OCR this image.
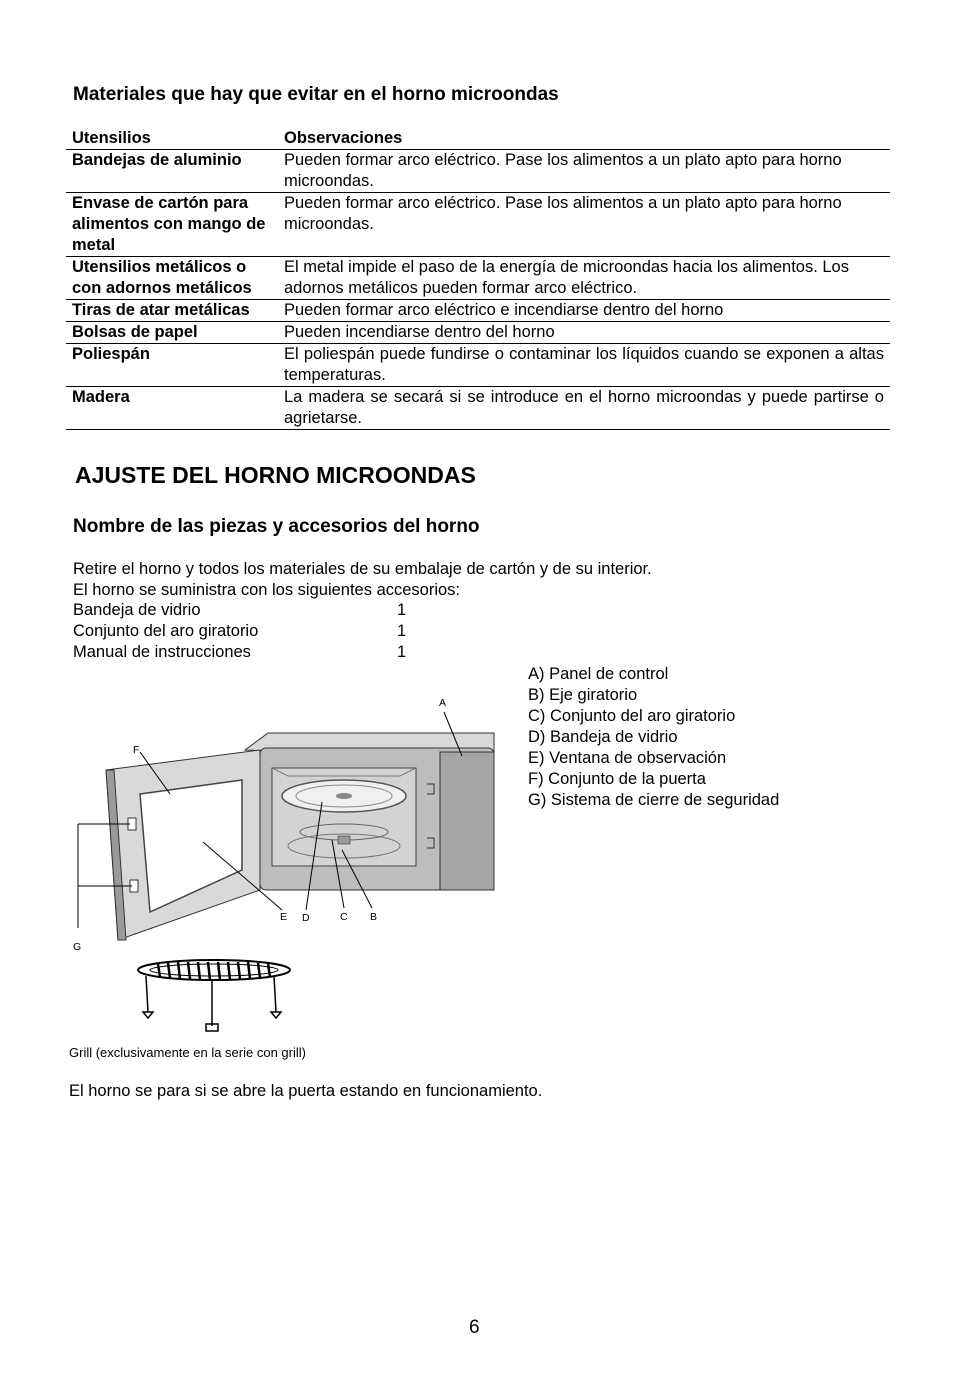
Materiales que hay que evitar en el horno microondas
Utensilios	Observaciones
Bandejas de aluminio	Pueden formar arco eléctrico. Pase los alimentos a un plato apto para horno microondas.
Envase de cartón para alimentos con mango de metal	Pueden formar arco eléctrico. Pase los alimentos a un plato apto para horno microondas.
Utensilios metálicos o con adornos metálicos	El metal impide el paso de la energía de microondas hacia los alimentos. Los adornos metálicos pueden formar arco eléctrico.
Tiras de atar metálicas	Pueden formar arco eléctrico e incendiarse dentro del horno
Bolsas de papel	Pueden incendiarse dentro del horno
Poliespán	El poliespán puede fundirse o contaminar los líquidos cuando se exponen a altas temperaturas.
Madera	La madera se secará si se introduce en el horno microondas y puede partirse o agrietarse.
AJUSTE DEL HORNO MICROONDAS
Nombre de las piezas y accesorios del horno
Retire el horno y todos los materiales de su embalaje de cartón y de su interior.
El horno se suministra con los siguientes accesorios:
Bandeja de vidrio	1
Conjunto del aro giratorio	1
Manual de instrucciones	1
A) Panel de control
B) Eje giratorio
C) Conjunto del aro giratorio
D) Bandeja de vidrio
E) Ventana de observación
F) Conjunto de la puerta
G) Sistema de cierre de seguridad
A
F
E D	C B
G
Grill (exclusivamente en la serie con grill)
El horno se para si se abre la puerta estando en funcionamiento.
6
